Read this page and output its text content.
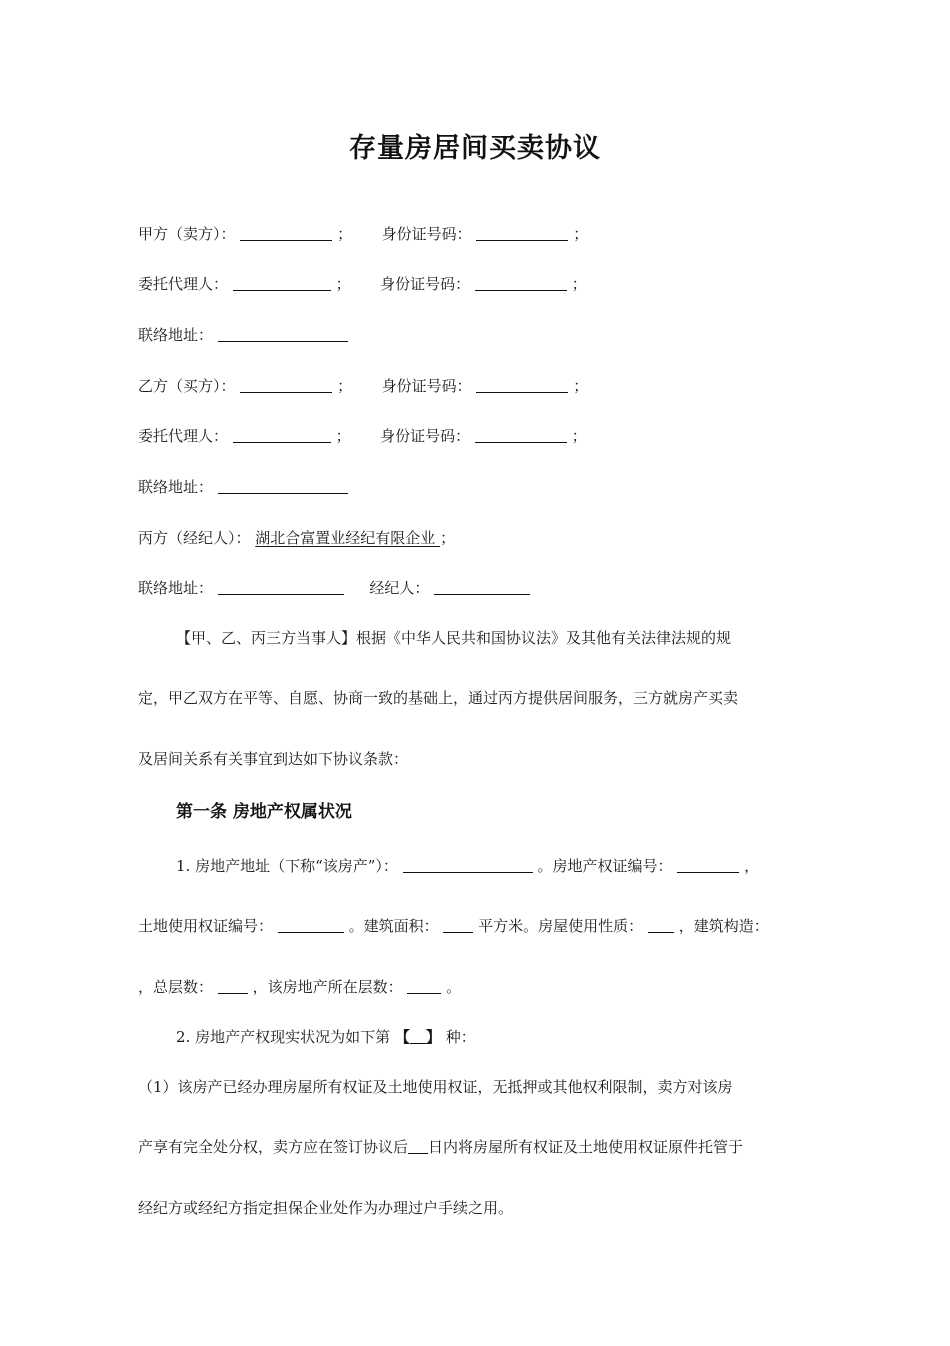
存量房居间买卖协议
甲方（卖方）：	； 身份证号码：	；
委托代理人：	； 身份证号码：	；
联络地址：
乙方（买方）：	； 身份证号码：	；
委托代理人：	； 身份证号码：	；
联络地址：
丙方（经纪人）： 湖北合富置业经纪有限企业 ；
联络地址：	经纪人：
【甲、乙、丙三方当事人】根据《中华人民共和国协议法》及其他有关法律法规的规
定，甲乙双方在平等、自愿、协商一致的基础上，通过丙方提供居间服务，三方就房产买卖
及居间关系有关事宜到达如下协议条款：
第一条 房地产权属状况
1. 房地产地址（下称“该房产”）：	。房地产权证编号：	，
土地使用权证编号：	。建筑面积：	平方米。房屋使用性质： ，建筑构造：
，总层数：	，该房地产所在层数：	。
2. 房地产产权现实状况为如下第 【 】 种：
（1）该房产已经办理房屋所有权证及土地使用权证，无抵押或其他权利限制，卖方对该房
产享有完全处分权，卖方应在签订协议后 日内将房屋所有权证及土地使用权证原件托管于
经纪方或经纪方指定担保企业处作为办理过户手续之用。
